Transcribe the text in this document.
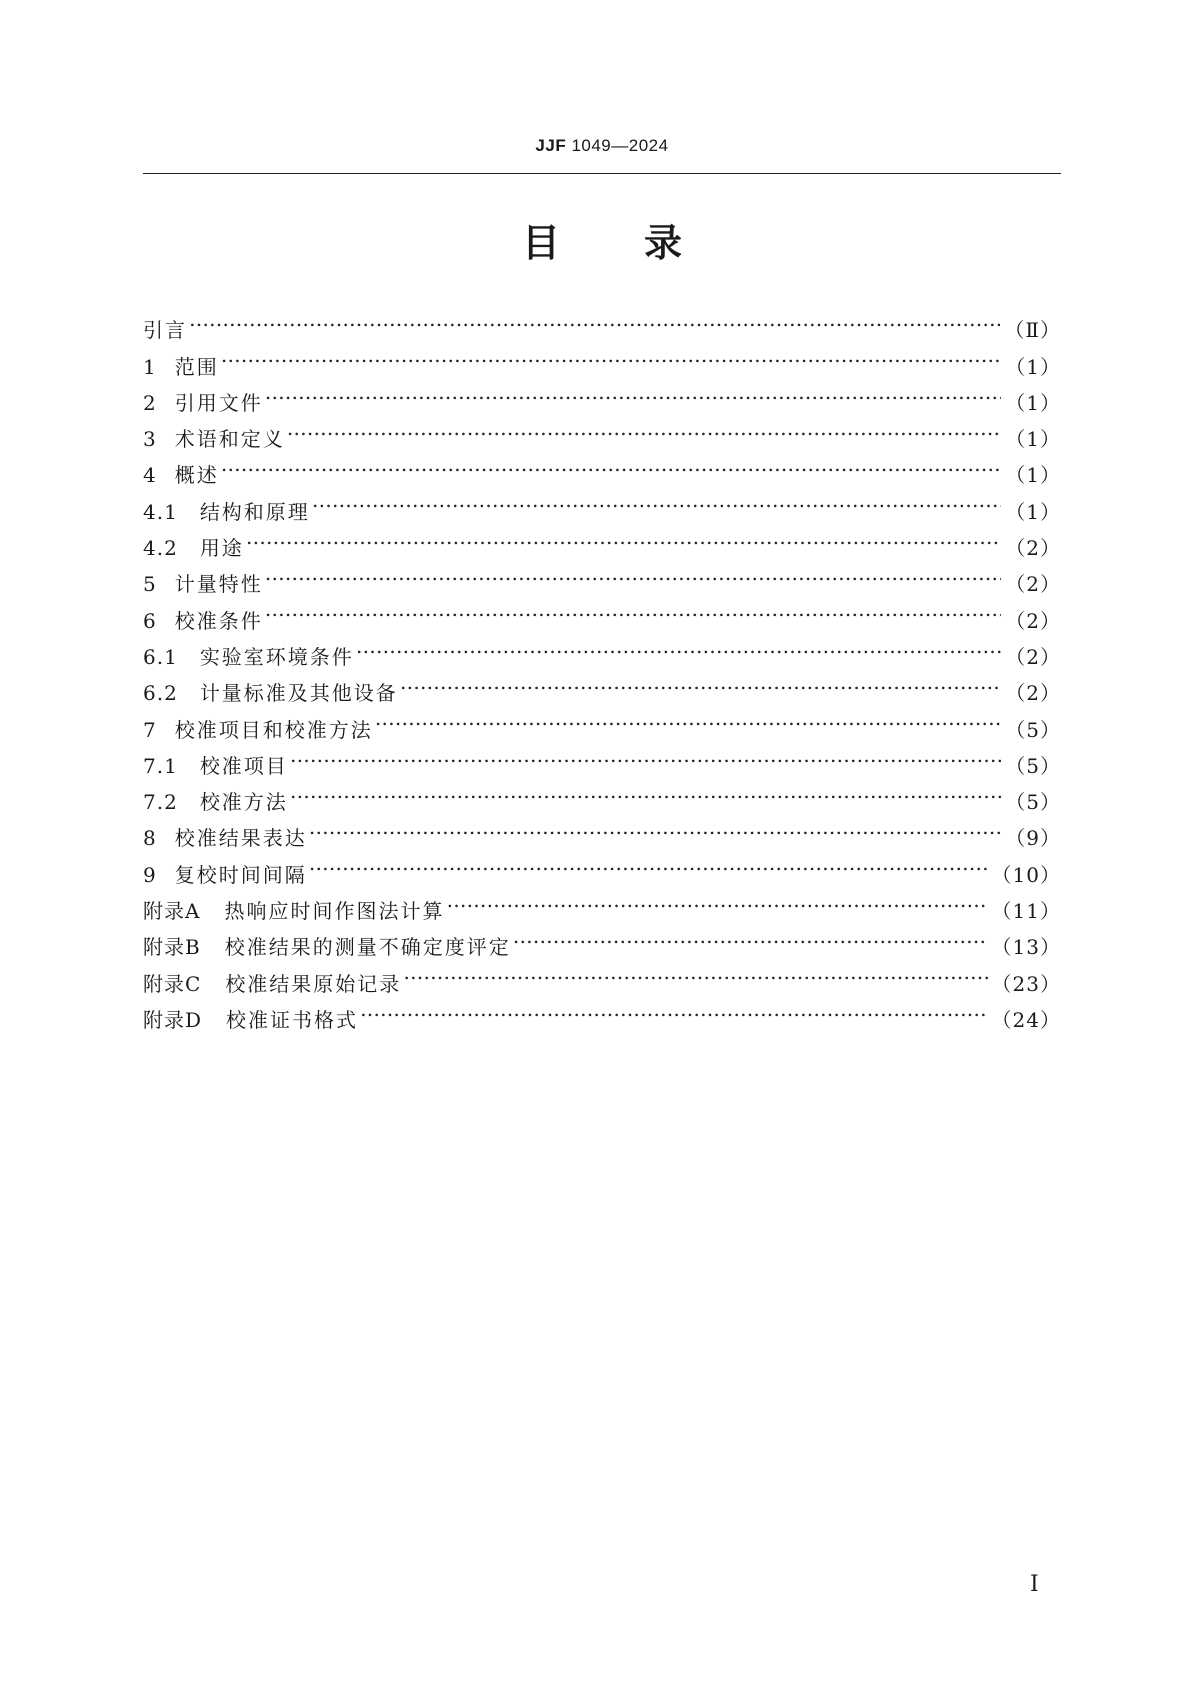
JJF 1049—2024
目 录
引言 …………………………………………………………………………………………………………………………………………………………………………………………………………………………………………………………………………	（Ⅱ）
1 范围 …………………………………………………………………………………………………………………………………………………………………………………………………………………………………………………………………………	（1）
2 引用文件 …………………………………………………………………………………………………………………………………………………………………………………………………………………………………………………………………………	（1）
3 术语和定义 …………………………………………………………………………………………………………………………………………………………………………………………………………………………………………………………………………	（1）
4 概述 …………………………………………………………………………………………………………………………………………………………………………………………………………………………………………………………………………	（1）
4.1 结构和原理 …………………………………………………………………………………………………………………………………………………………………………………………………………………………………………………………………………	（1）
4.2 用途 …………………………………………………………………………………………………………………………………………………………………………………………………………………………………………………………………………	（2）
5 计量特性 …………………………………………………………………………………………………………………………………………………………………………………………………………………………………………………………………………	（2）
6 校准条件 …………………………………………………………………………………………………………………………………………………………………………………………………………………………………………………………………………	（2）
6.1 实验室环境条件 …………………………………………………………………………………………………………………………………………………………………………………………………………………………………………………………………………	（2）
6.2 计量标准及其他设备 …………………………………………………………………………………………………………………………………………………………………………………………………………………………………………………………………………	（2）
7 校准项目和校准方法 …………………………………………………………………………………………………………………………………………………………………………………………………………………………………………………………………………	（5）
7.1 校准项目 …………………………………………………………………………………………………………………………………………………………………………………………………………………………………………………………………………	（5）
7.2 校准方法 …………………………………………………………………………………………………………………………………………………………………………………………………………………………………………………………………………	（5）
8 校准结果表达 …………………………………………………………………………………………………………………………………………………………………………………………………………………………………………………………………………	（9）
9 复校时间间隔 …………………………………………………………………………………………………………………………………………………………………………………………………………………………………………………………………………	（10）
附录A 热响应时间作图法计算 …………………………………………………………………………………………………………………………………………………………………………………………………………………………………………………………………………	（11）
附录B 校准结果的测量不确定度评定 …………………………………………………………………………………………………………………………………………………………………………………………………………………………………………………………………………	（13）
附录C 校准结果原始记录 …………………………………………………………………………………………………………………………………………………………………………………………………………………………………………………………………………	（23）
附录D 校准证书格式 …………………………………………………………………………………………………………………………………………………………………………………………………………………………………………………………………………	（24）
Ⅰ
